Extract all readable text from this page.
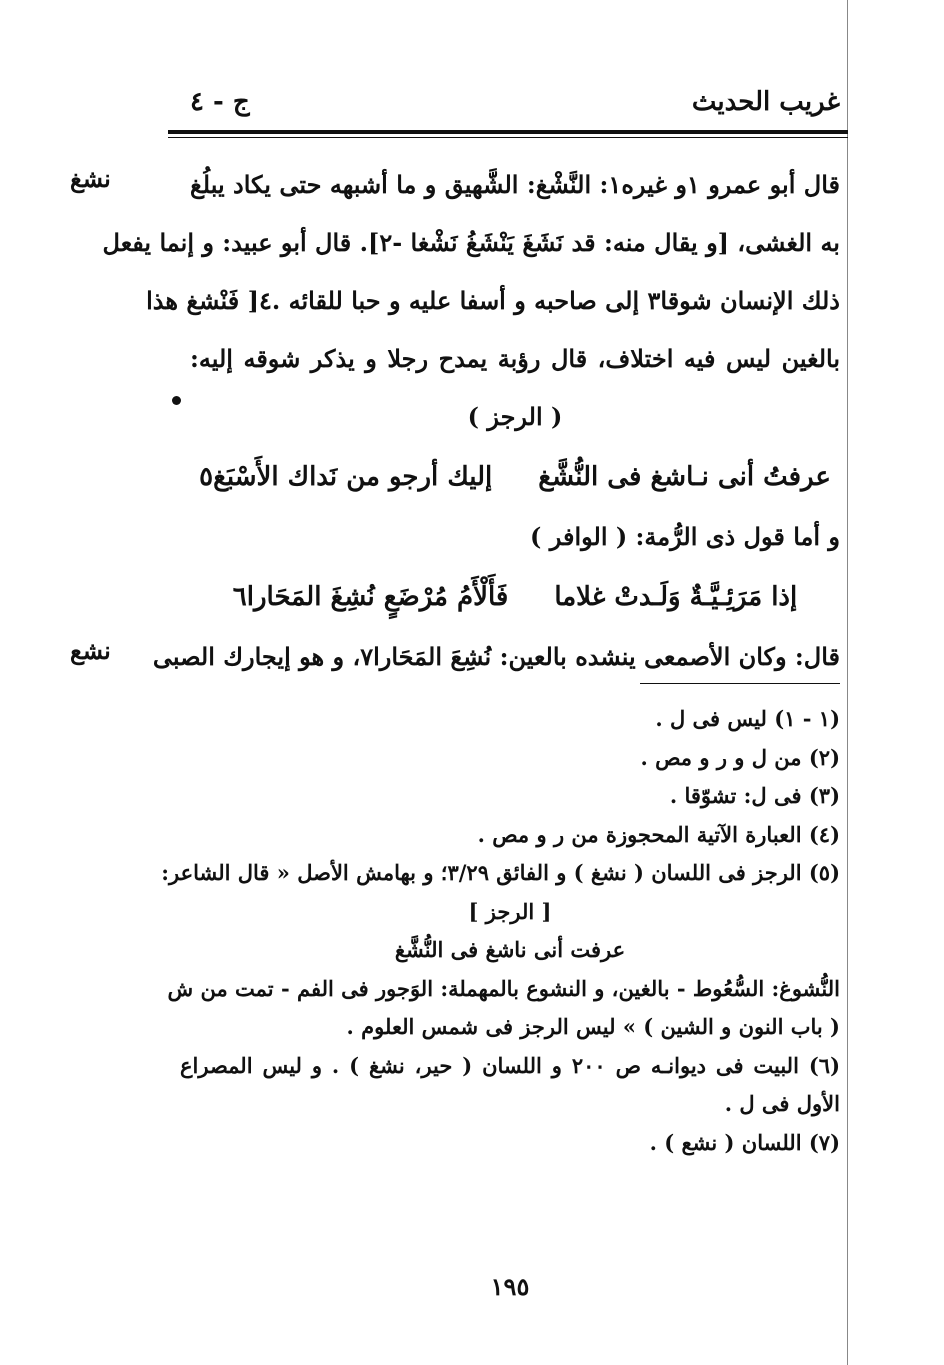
غريب الحديث
ج - ٤
نشغ
نشع
قال أبو عمرو ١و غيره١: النَّشْغ: الشَّهيق و ما أشبهه حتى يكاد يبلُغ
به الغشى، [و يقال منه: قد نَشَغَ يَنْشَغُ نَشْغا -٢]. قال أبو عبيد: و إنما يفعل
ذلك الإنسان شوقا٣ إلى صاحبه و أسفا عليه و حبا للقائه .٤[ فَنْشغ هذا
بالغين ليس فيه اختلاف، قال رؤبة يمدح رجلا و يذكر شوقه إليه:
( الرجز )
عرفتُ أنى نـاشغ فى النُّشَّغ
إليك أرجو من نَداك الأَسْبَغ٥
و أما قول ذى الرُّمة: ( الوافر )
إذا مَرَئِـيَّـةٌ وَلَـدتْ غلاما
فَأَلْأَمُ مُرْضَعٍ نُشِغَ المَحَارا٦
قال: وكان الأصمعى ينشده بالعين: نُشِعَ المَحَارا٧، و هو إيجارك الصبى
(١ - ١) ليس فى ل .
(٢) من ل و ر و مص .
(٣) فى ل: تشوّقا .
(٤) العبارة الآتية المحجوزة من ر و مص .
(٥) الرجز فى اللسان ( نشغ ) و الفائق ٣/٢٩؛ و بهامش الأصل « قال الشاعر:
[ الرجز ]
عرفت أنى ناشغ فى النُّشَّغ
النُّشوغ: السُّعُوط - بالغين، و النشوع بالمهملة: الوَجور فى الفم - تمت من ش
( باب النون و الشين ) » ليس الرجز فى شمس العلوم .
(٦) البيت فى ديوانـه ص ٢٠٠ و اللسان ( حير، نشغ ) . و ليس المصراع
الأول فى ل .
(٧) اللسان ( نشع ) .
١٩٥
